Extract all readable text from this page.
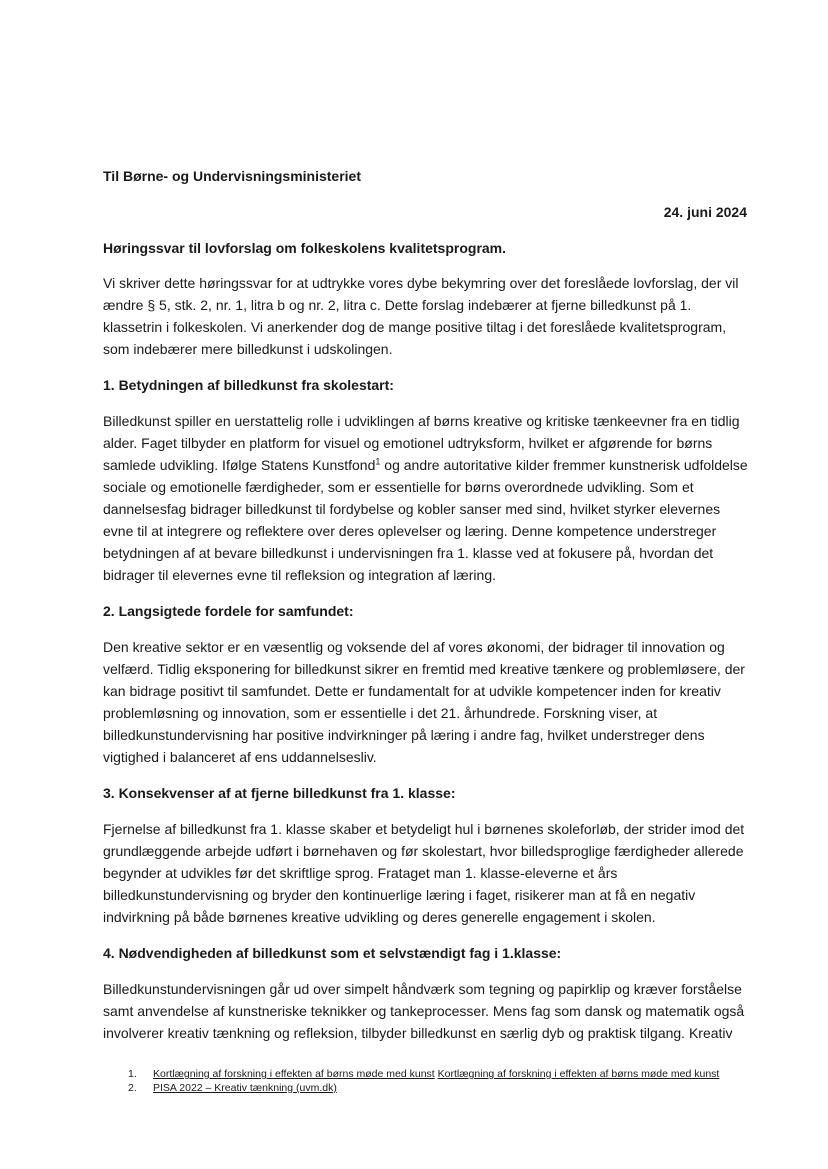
Til Børne- og Undervisningsministeriet

24. juni 2024

Høringssvar til lovforslag om folkeskolens kvalitetsprogram.

Vi skriver dette høringssvar for at udtrykke vores dybe bekymring over det foreslåede lovforslag, der vil ændre § 5, stk. 2, nr. 1, litra b og nr. 2, litra c. Dette forslag indebærer at fjerne billedkunst på 1. klassetrin i folkeskolen. Vi anerkender dog de mange positive tiltag i det foreslåede kvalitetsprogram, som indebærer mere billedkunst i udskolingen.

1. Betydningen af billedkunst fra skolestart:

Billedkunst spiller en uerstattelig rolle i udviklingen af børns kreative og kritiske tænkeevner fra en tidlig alder. Faget tilbyder en platform for visuel og emotionel udtryksform, hvilket er afgørende for børns samlede udvikling. Ifølge Statens Kunstfond$^1$ og andre autoritative kilder fremmer kunstnerisk udfoldelse sociale og emotionelle færdigheder, som er essentielle for børns overordnede udvikling. Som et dannelsesfag bidrager billedkunst til fordybelse og kobler sanser med sind, hvilket styrker elevernes evne til at integrere og reflektere over deres oplevelser og læring. Denne kompetence understreger betydningen af at bevare billedkunst i undervisningen fra 1. klasse ved at fokusere på, hvordan det bidrager til elevernes evne til refleksion og integration af læring.

2. Langsigtede fordele for samfundet:

Den kreative sektor er en væsentlig og voksende del af vores økonomi, der bidrager til innovation og velfærd. Tidlig eksponering for billedkunst sikrer en fremtid med kreative tænkere og problemløsere, der kan bidrage positivt til samfundet. Dette er fundamentalt for at udvikle kompetencer inden for kreativ problemløsning og innovation, som er essentielle i det 21. århundrede. Forskning viser, at billedkunstundervisning har positive indvirkninger på læring i andre fag, hvilket understreger dens vigtighed i balanceret af ens uddannelsesliv.

3. Konsekvenser af at fjerne billedkunst fra 1. klasse:

Fjernelse af billedkunst fra 1. klasse skaber et betydeligt hul i børnenes skoleforløb, der strider imod det grundlæggende arbejde udført i børnehaven og før skolestart, hvor billedsproglige færdigheder allerede begynder at udvikles før det skriftlige sprog. Frataget man 1. klasse-eleverne et års billedkunstundervisning og bryder den kontinuerlige læring i faget, risikerer man at få en negativ indvirkning på både børnenes kreative udvikling og deres generelle engagement i skolen.

4. Nødvendigheden af billedkunst som et selvstændigt fag i 1.klasse:

Billedkunstundervisningen går ud over simpelt håndværk som tegning og papirklip og kræver forståelse samt anvendelse af kunstneriske teknikker og tankeprocesser. Mens fag som dansk og matematik også involverer kreativ tænkning og refleksion, tilbyder billedkunst en særlig dyb og praktisk tilgang. Kreativ

1. Kortlægning af forskning i effekten af børns møde med kunst Kortlægning af forskning i effekten af børns møde med kunst
2. PISA 2022 – Kreativ tænkning (uvm.dk)
